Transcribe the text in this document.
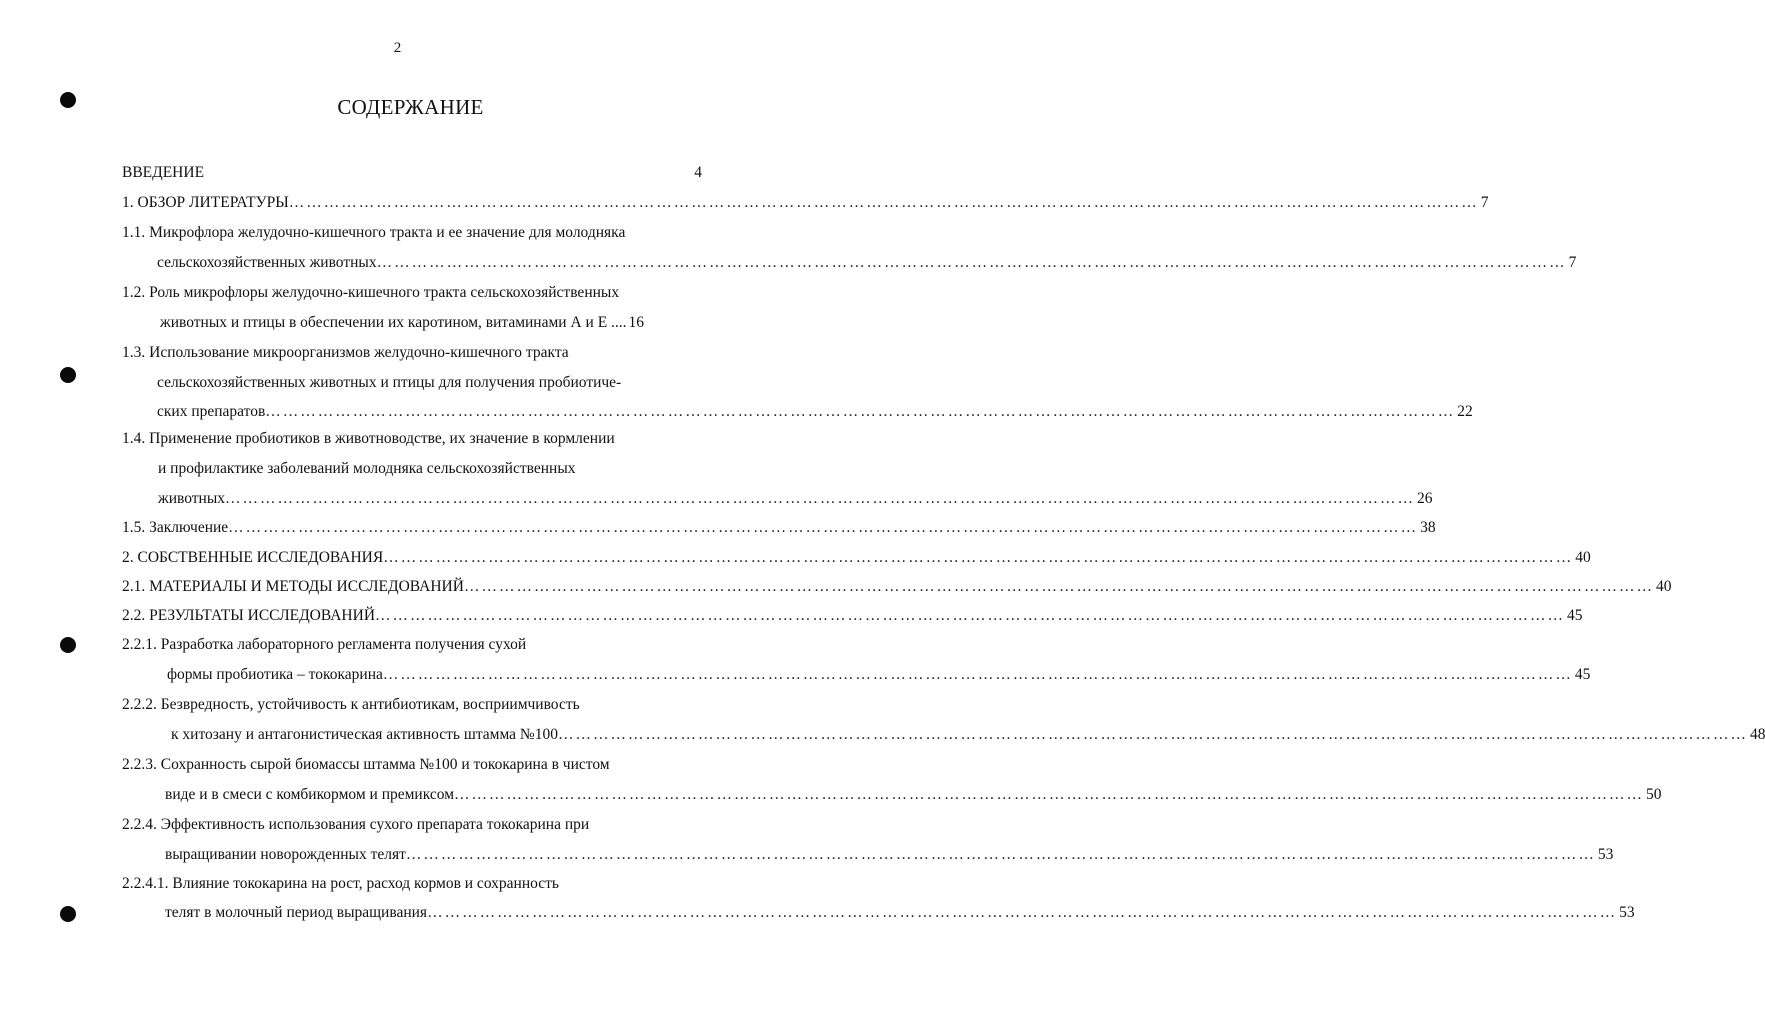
2
СОДЕРЖАНИЕ
ВВЕДЕНИЕ	4
1. ОБЗОР ЛИТЕРАТУРЫ …………………………………………………………………………………………………………………………………………………………………………………… 7
1.1. Микрофлора желудочно-кишечного тракта и ее значение для молодняка
сельскохозяйственных животных …………………………………………………………………………………………………………………………………………………………………………………… 7
1.2. Роль микрофлоры желудочно-кишечного тракта сельскохозяйственных
животных и птицы в обеспечении их каротином, витаминами А и Е .... 16
1.3. Использование микроорганизмов желудочно-кишечного тракта
сельскохозяйственных животных и птицы для получения пробиотиче-
ских препаратов …………………………………………………………………………………………………………………………………………………………………………………… 22
1.4. Применение пробиотиков в животноводстве, их значение в кормлении
и профилактике заболеваний молодняка сельскохозяйственных
животных …………………………………………………………………………………………………………………………………………………………………………………… 26
1.5. Заключение …………………………………………………………………………………………………………………………………………………………………………………… 38
2. СОБСТВЕННЫЕ ИССЛЕДОВАНИЯ …………………………………………………………………………………………………………………………………………………………………………………… 40
2.1. МАТЕРИАЛЫ И МЕТОДЫ ИССЛЕДОВАНИЙ …………………………………………………………………………………………………………………………………………………………………………………… 40
2.2. РЕЗУЛЬТАТЫ ИССЛЕДОВАНИЙ …………………………………………………………………………………………………………………………………………………………………………………… 45
2.2.1. Разработка лабораторного регламента получения сухой
формы пробиотика – тококарина …………………………………………………………………………………………………………………………………………………………………………………… 45
2.2.2. Безвредность, устойчивость к антибиотикам, восприимчивость
к хитозану и антагонистическая активность штамма №100 …………………………………………………………………………………………………………………………………………………………………………………… 48
2.2.3. Сохранность сырой биомассы штамма №100 и тококарина в чистом
виде и в смеси с комбикормом и премиксом …………………………………………………………………………………………………………………………………………………………………………………… 50
2.2.4. Эффективность использования сухого препарата тококарина при
выращивании новорожденных телят …………………………………………………………………………………………………………………………………………………………………………………… 53
2.2.4.1. Влияние тококарина на рост, расход кормов и сохранность
телят в молочный период выращивания …………………………………………………………………………………………………………………………………………………………………………………… 53
